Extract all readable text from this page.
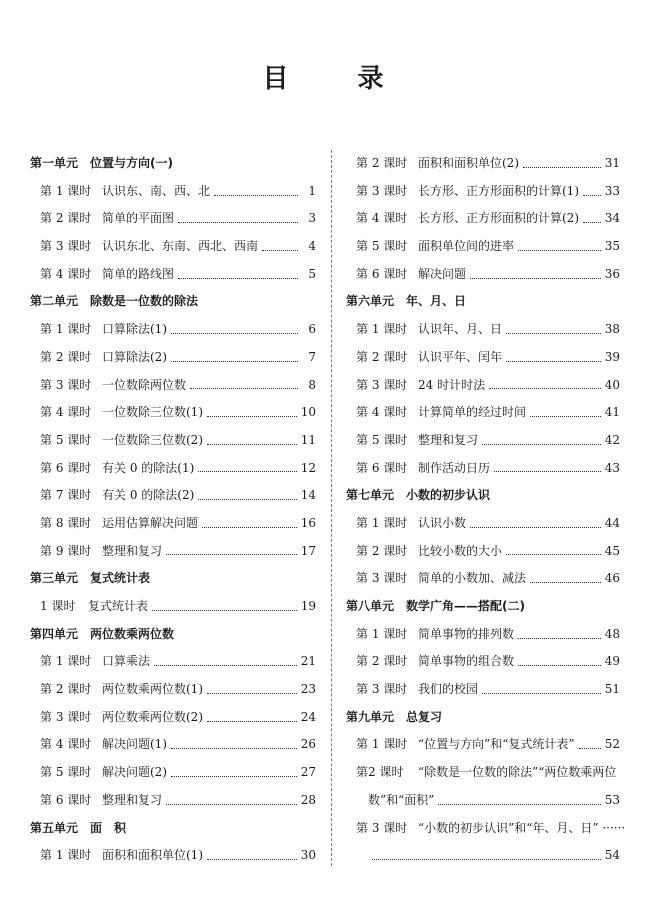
目 录
第一单元　位置与方向(一)
第 1 课时 认识东、南、西、北	1
第 2 课时 简单的平面图	3
第 3 课时 认识东北、东南、西北、西南	4
第 4 课时 简单的路线图	5
第二单元　除数是一位数的除法
第 1 课时 口算除法(1)	6
第 2 课时 口算除法(2)	7
第 3 课时 一位数除两位数	8
第 4 课时 一位数除三位数(1)	10
第 5 课时 一位数除三位数(2)	11
第 6 课时 有关 0 的除法(1)	12
第 7 课时 有关 0 的除法(2)	14
第 8 课时 运用估算解决问题	16
第 9 课时 整理和复习	17
第三单元　复式统计表
1 课时	复式统计表	19
第四单元　两位数乘两位数
第 1 课时 口算乘法	21
第 2 课时 两位数乘两位数(1)	23
第 3 课时 两位数乘两位数(2)	24
第 4 课时 解决问题(1)	26
第 5 课时 解决问题(2)	27
第 6 课时 整理和复习	28
第五单元　面　积
第 1 课时 面积和面积单位(1)	30
第 2 课时 面积和面积单位(2)	31
第 3 课时 长方形、正方形面积的计算(1) 33
第 4 课时 长方形、正方形面积的计算(2) 34
第 5 课时 面积单位间的进率	35
第 6 课时 解决问题	36
第六单元　年、月、日
第 1 课时 认识年、月、日	38
第 2 课时 认识平年、闰年	39
第 3 课时 24 时计时法	40
第 4 课时 计算简单的经过时间	41
第 5 课时 整理和复习	42
第 6 课时 制作活动日历	43
第七单元　小数的初步认识
第 1 课时 认识小数	44
第 2 课时 比较小数的大小	45
第 3 课时 简单的小数加、减法	46
第八单元　数学广角——搭配(二)
第 1 课时 简单事物的排列数	48
第 2 课时 简单事物的组合数	49
第 3 课时 我们的校园	51
第九单元　总复习
第 1 课时 “位置与方向”和“复式统计表”	52
第2 课时	“除数是一位数的除法”“两位数乘两位
数”和“面积”	53
第 3 课时 “小数的初步认识”和“年、月、日” ······
54
